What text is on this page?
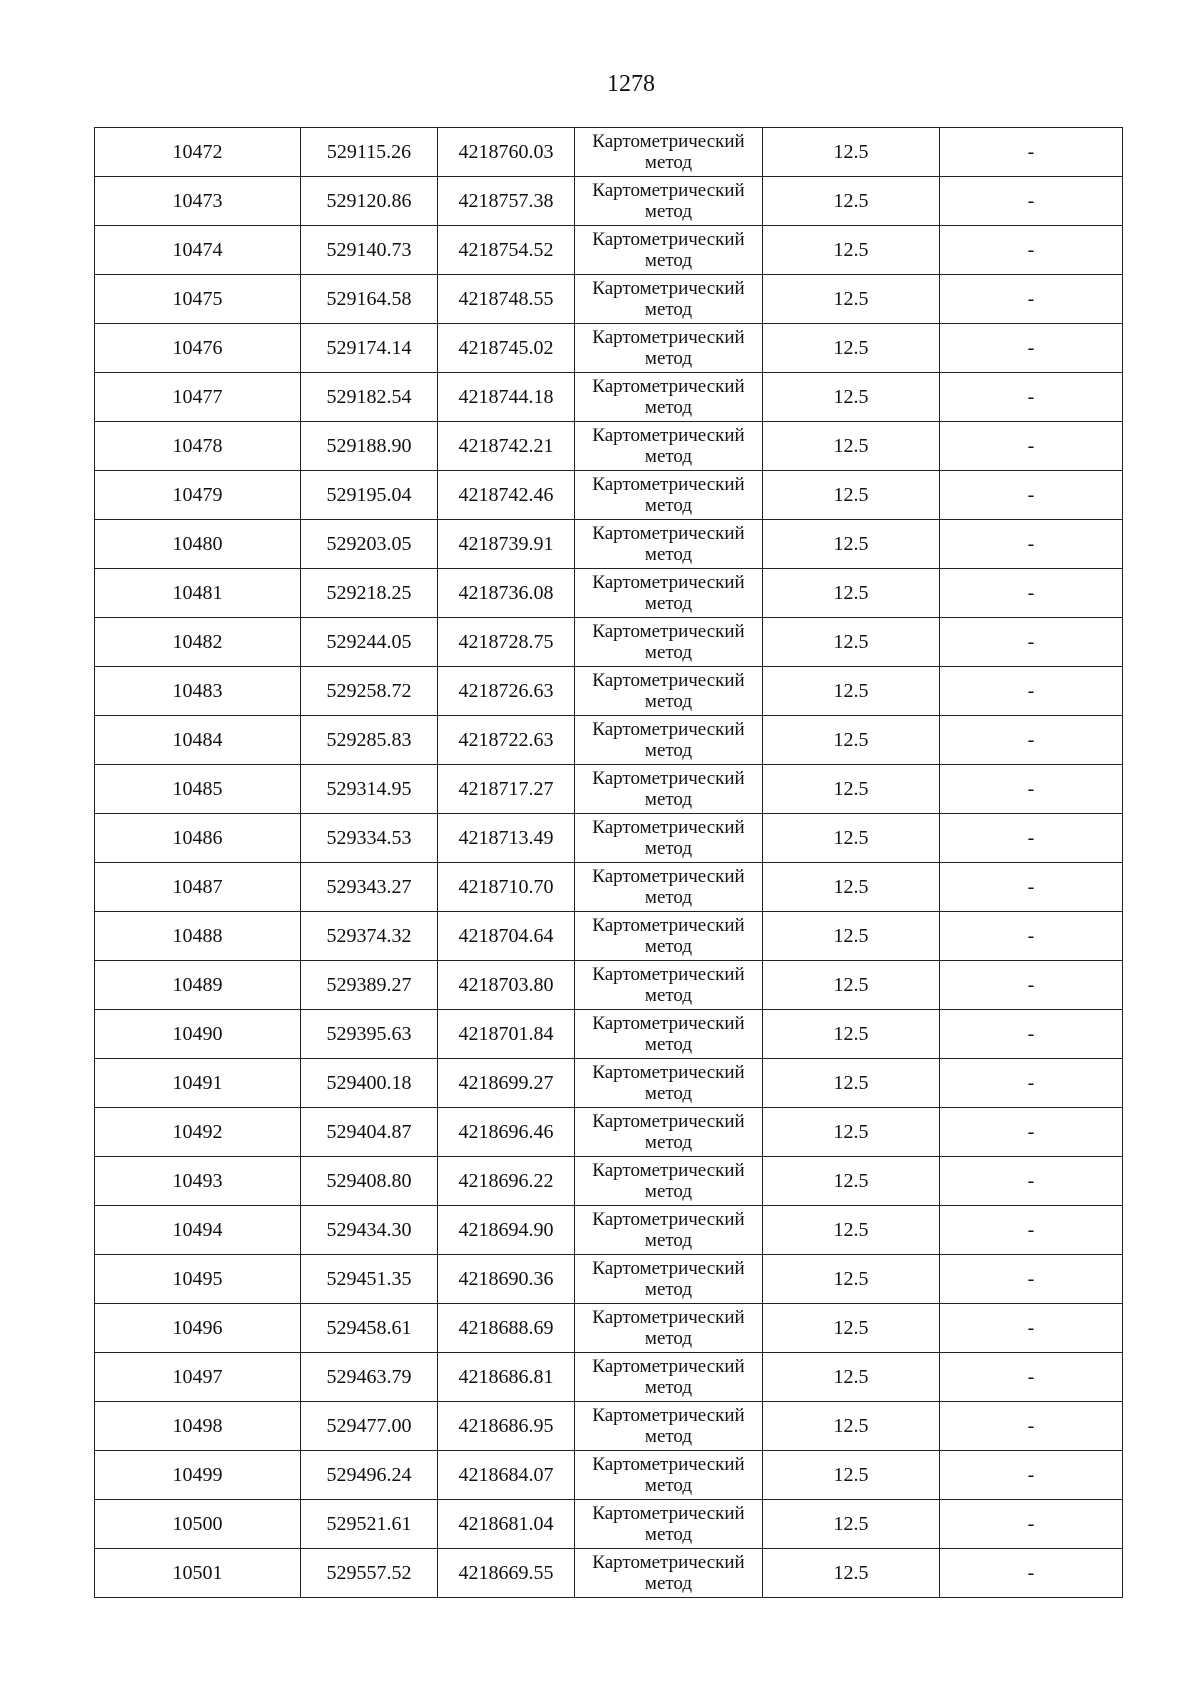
1278
10472	529115.26	4218760.03	Картометрический метод	12.5	-
10473	529120.86	4218757.38	Картометрический метод	12.5	-
10474	529140.73	4218754.52	Картометрический метод	12.5	-
10475	529164.58	4218748.55	Картометрический метод	12.5	-
10476	529174.14	4218745.02	Картометрический метод	12.5	-
10477	529182.54	4218744.18	Картометрический метод	12.5	-
10478	529188.90	4218742.21	Картометрический метод	12.5	-
10479	529195.04	4218742.46	Картометрический метод	12.5	-
10480	529203.05	4218739.91	Картометрический метод	12.5	-
10481	529218.25	4218736.08	Картометрический метод	12.5	-
10482	529244.05	4218728.75	Картометрический метод	12.5	-
10483	529258.72	4218726.63	Картометрический метод	12.5	-
10484	529285.83	4218722.63	Картометрический метод	12.5	-
10485	529314.95	4218717.27	Картометрический метод	12.5	-
10486	529334.53	4218713.49	Картометрический метод	12.5	-
10487	529343.27	4218710.70	Картометрический метод	12.5	-
10488	529374.32	4218704.64	Картометрический метод	12.5	-
10489	529389.27	4218703.80	Картометрический метод	12.5	-
10490	529395.63	4218701.84	Картометрический метод	12.5	-
10491	529400.18	4218699.27	Картометрический метод	12.5	-
10492	529404.87	4218696.46	Картометрический метод	12.5	-
10493	529408.80	4218696.22	Картометрический метод	12.5	-
10494	529434.30	4218694.90	Картометрический метод	12.5	-
10495	529451.35	4218690.36	Картометрический метод	12.5	-
10496	529458.61	4218688.69	Картометрический метод	12.5	-
10497	529463.79	4218686.81	Картометрический метод	12.5	-
10498	529477.00	4218686.95	Картометрический метод	12.5	-
10499	529496.24	4218684.07	Картометрический метод	12.5	-
10500	529521.61	4218681.04	Картометрический метод	12.5	-
10501	529557.52	4218669.55	Картометрический метод	12.5	-
